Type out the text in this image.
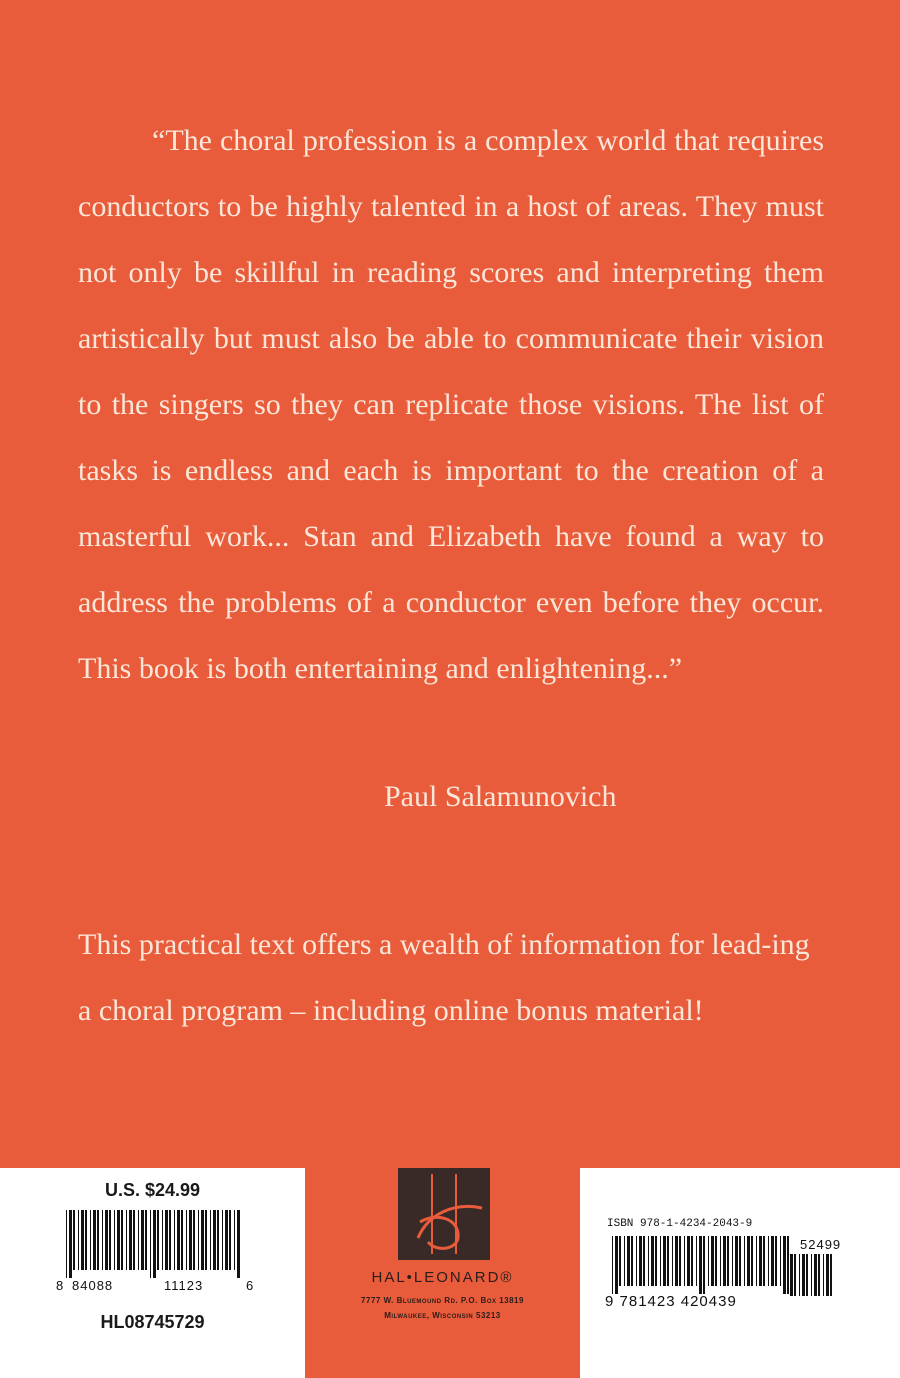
“The choral profession is a complex world that requires conductors to be highly talented in a host of areas. They must not only be skillful in reading scores and interpreting them artistically but must also be able to communicate their vision to the singers so they can replicate those visions. The list of tasks is endless and each is important to the creation of a masterful work... Stan and Elizabeth have found a way to address the problems of a conductor even before they occur. This book is both entertaining and enlightening...”

Paul Salamunovich

This practical text offers a wealth of information for lead-ing a choral program – including online bonus material!

U.S. $24.99
8 84088	11123	6
HL08745729
HAL•LEONARD®
7777 W. Bluemound Rd. P.O. Box 13819
Milwaukee, Wisconsin 53213
ISBN 978-1-4234-2043-9
52499
9 781423 420439
